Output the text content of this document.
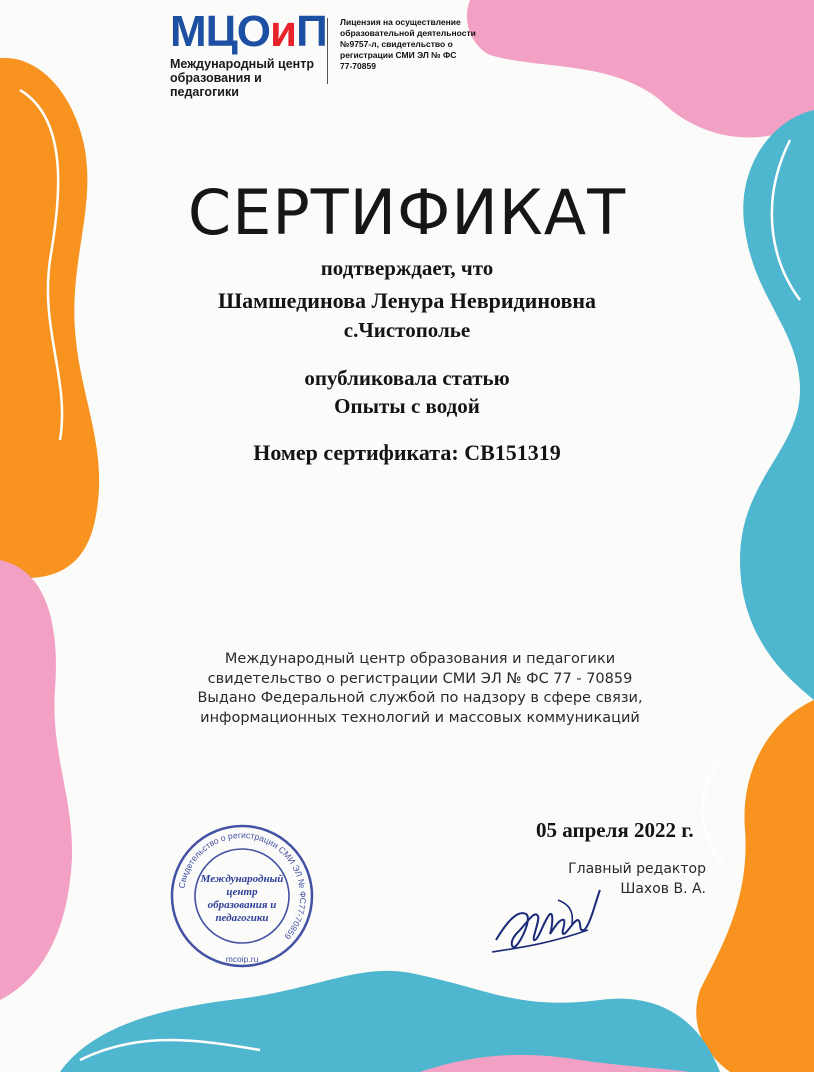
МЦОиП
Международный центр
образования и педагогики
Лицензия на осуществление
образовательной деятельности
№9757-л, свидетельство о
регистрации СМИ ЭЛ № ФС
77-70859
СЕРТИФИКАТ
подтверждает, что
Шамшединова Ленура Невридиновна
с.Чистополье
опубликовала статью
Опыты с водой
Номер сертификата: СВ151319
Международный центр образования и педагогики
свидетельство о регистрации СМИ ЭЛ № ФС 77 - 70859
Выдано Федеральной службой по надзору в сфере связи,
информационных технологий и массовых коммуникаций
05 апреля 2022 г.
Главный редактор
Шахов В. А.
Свидетельство о регистрации СМИ ЭЛ № ФС77-70859
mcoip.ru
Международный
центр
образования и
педагогики
